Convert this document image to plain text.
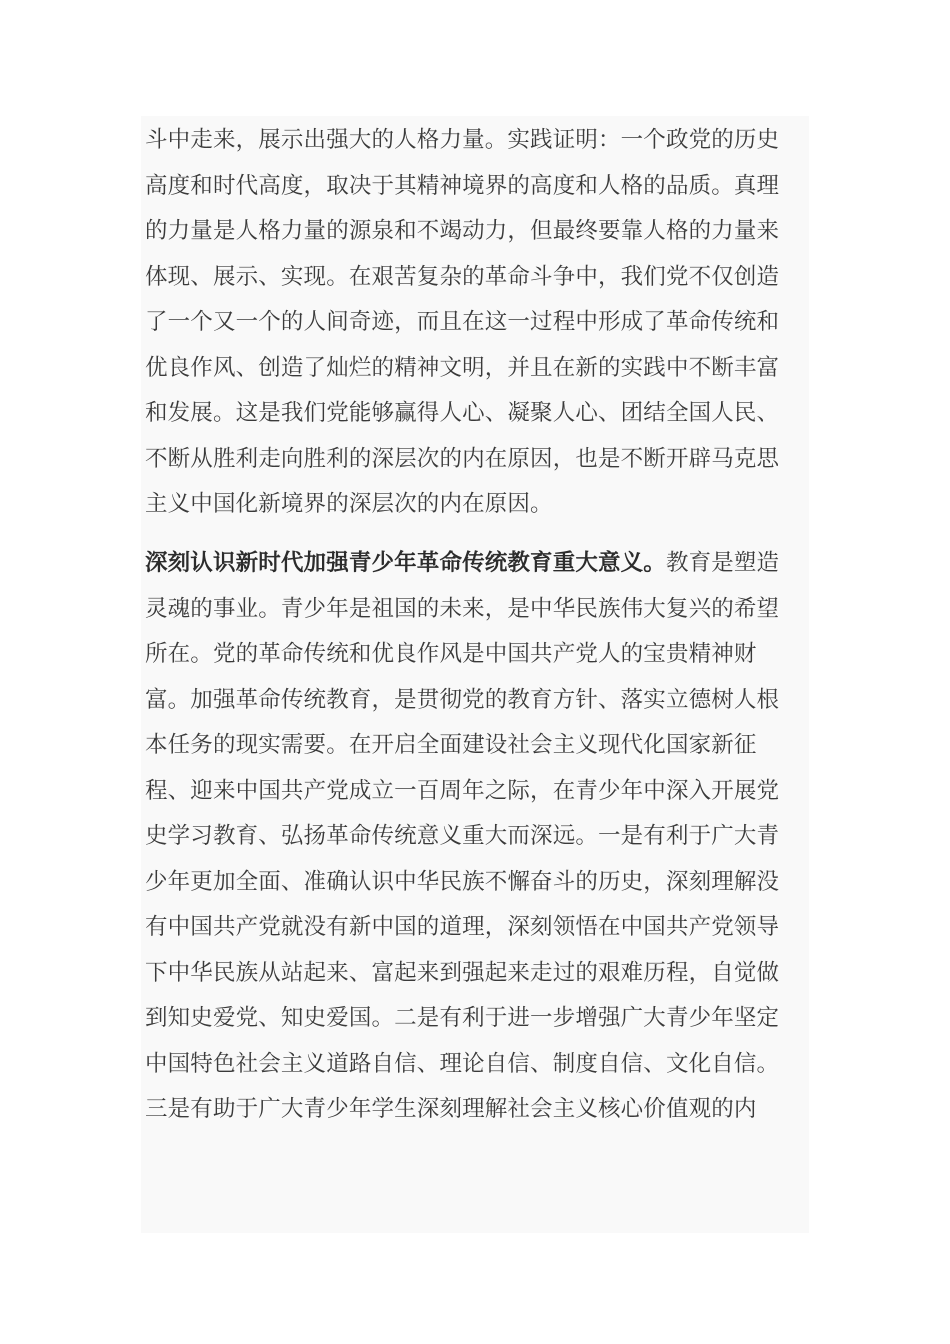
斗中走来，展示出强大的人格力量。实践证明：一个政党的历史
高度和时代高度，取决于其精神境界的高度和人格的品质。真理
的力量是人格力量的源泉和不竭动力，但最终要靠人格的力量来
体现、展示、实现。在艰苦复杂的革命斗争中，我们党不仅创造
了一个又一个的人间奇迹，而且在这一过程中形成了革命传统和
优良作风、创造了灿烂的精神文明，并且在新的实践中不断丰富
和发展。这是我们党能够赢得人心、凝聚人心、团结全国人民、
不断从胜利走向胜利的深层次的内在原因，也是不断开辟马克思
主义中国化新境界的深层次的内在原因。

深刻认识新时代加强青少年革命传统教育重大意义。教育是塑造
灵魂的事业。青少年是祖国的未来，是中华民族伟大复兴的希望
所在。党的革命传统和优良作风是中国共产党人的宝贵精神财
富。加强革命传统教育，是贯彻党的教育方针、落实立德树人根
本任务的现实需要。在开启全面建设社会主义现代化国家新征
程、迎来中国共产党成立一百周年之际，在青少年中深入开展党
史学习教育、弘扬革命传统意义重大而深远。一是有利于广大青
少年更加全面、准确认识中华民族不懈奋斗的历史，深刻理解没
有中国共产党就没有新中国的道理，深刻领悟在中国共产党领导
下中华民族从站起来、富起来到强起来走过的艰难历程，自觉做
到知史爱党、知史爱国。二是有利于进一步增强广大青少年坚定
中国特色社会主义道路自信、理论自信、制度自信、文化自信。
三是有助于广大青少年学生深刻理解社会主义核心价值观的内
